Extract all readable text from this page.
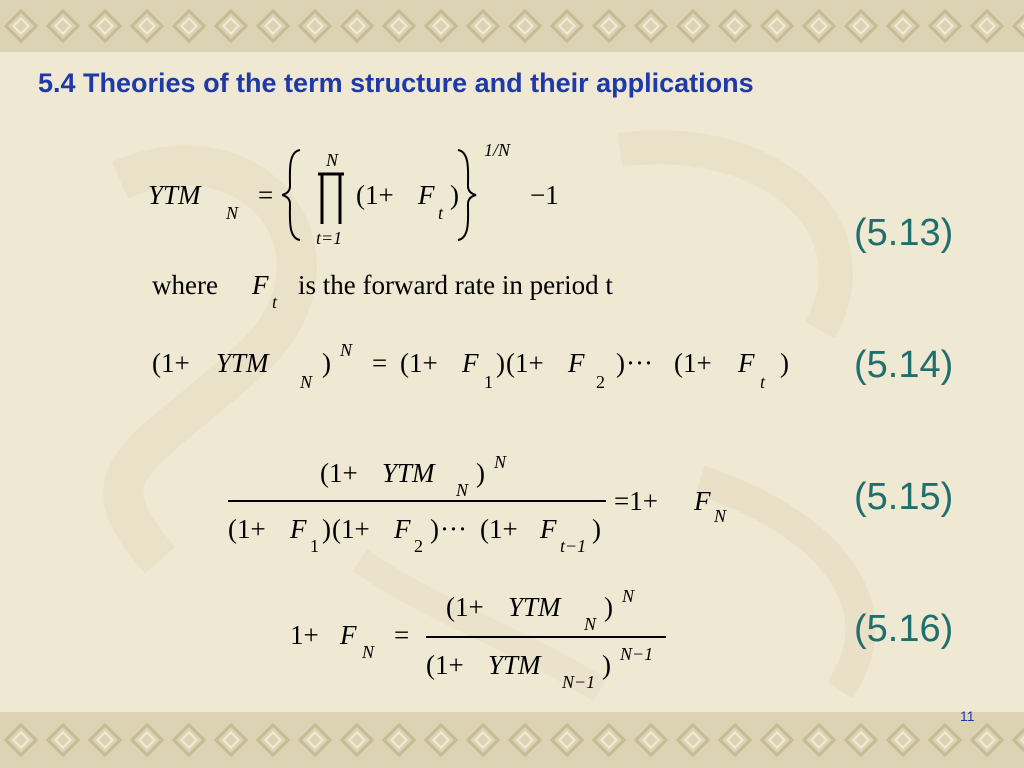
5.4 Theories of the term structure and their applications
YTM
N
=
N
t=1
(1+ F
t
)
1/N
−1
where F
t
is the forward rate in period t
(1+ YTM
N
) N = (1+ F
1
) (1+ F
2
) ··· (1+ F
t
)
(1+ YTM
N
) N
(1+ F
1
) (1+ F
2
) ··· (1+ F
t−1
)
=1+ F N
1+ F
N
=
(1+ YTM
N
) N
(1+ YTM
N−1
) N−1
(5.13)
(5.14)
(5.15)
(5.16)
11
